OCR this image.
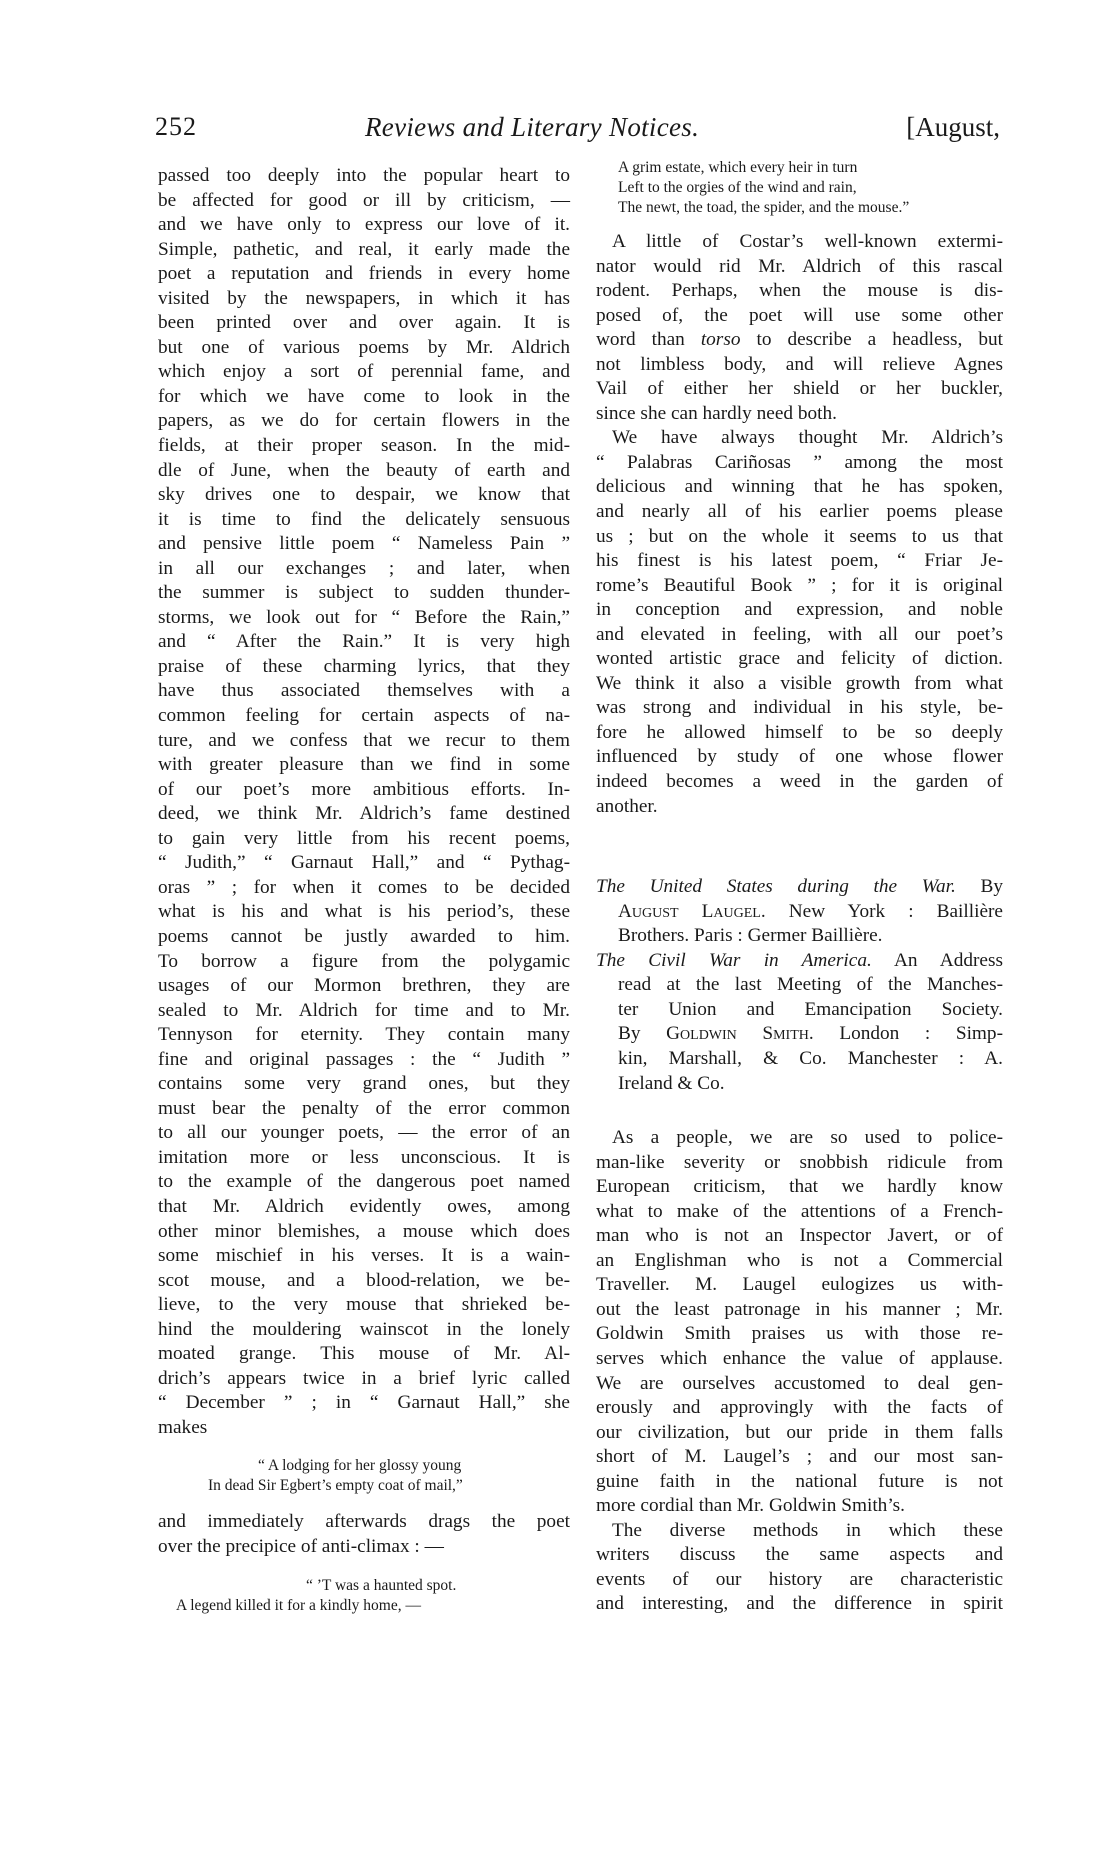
252	Reviews and Literary Notices.	[August,
passed too deeply into the popular heart to
be affected for good or ill by criticism, —
and we have only to express our love of it.
Simple, pathetic, and real, it early made the
poet a reputation and friends in every home
visited by the newspapers, in which it has
been printed over and over again. It is
but one of various poems by Mr. Aldrich
which enjoy a sort of perennial fame, and
for which we have come to look in the
papers, as we do for certain flowers in the
fields, at their proper season. In the mid-
dle of June, when the beauty of earth and
sky drives one to despair, we know that
it is time to find the delicately sensuous
and pensive little poem “ Nameless Pain ”
in all our exchanges ; and later, when
the summer is subject to sudden thunder-
storms, we look out for “ Before the Rain,”
and “ After the Rain.” It is very high
praise of these charming lyrics, that they
have thus associated themselves with a
common feeling for certain aspects of na-
ture, and we confess that we recur to them
with greater pleasure than we find in some
of our poet’s more ambitious efforts. In-
deed, we think Mr. Aldrich’s fame destined
to gain very little from his recent poems,
“ Judith,” “ Garnaut Hall,” and “ Pythag-
oras ” ; for when it comes to be decided
what is his and what is his period’s, these
poems cannot be justly awarded to him.
To borrow a figure from the polygamic
usages of our Mormon brethren, they are
sealed to Mr. Aldrich for time and to Mr.
Tennyson for eternity. They contain many
fine and original passages : the “ Judith ”
contains some very grand ones, but they
must bear the penalty of the error common
to all our younger poets, — the error of an
imitation more or less unconscious. It is
to the example of the dangerous poet named
that Mr. Aldrich evidently owes, among
other minor blemishes, a mouse which does
some mischief in his verses. It is a wain-
scot mouse, and a blood-relation, we be-
lieve, to the very mouse that shrieked be-
hind the mouldering wainscot in the lonely
moated grange. This mouse of Mr. Al-
drich’s appears twice in a brief lyric called
“ December ” ; in “ Garnaut Hall,” she
makes
“ A lodging for her glossy young
In dead Sir Egbert’s empty coat of mail,”
and immediately afterwards drags the poet
over the precipice of anti-climax : —
“ ’T was a haunted spot.
A legend killed it for a kindly home, —
A grim estate, which every heir in turn
Left to the orgies of the wind and rain,
The newt, the toad, the spider, and the mouse.”
A little of Costar’s well-known extermi-
nator would rid Mr. Aldrich of this rascal
rodent. Perhaps, when the mouse is dis-
posed of, the poet will use some other
word than torso to describe a headless, but
not limbless body, and will relieve Agnes
Vail of either her shield or her buckler,
since she can hardly need both.
We have always thought Mr. Aldrich’s
“ Palabras Cariñosas ” among the most
delicious and winning that he has spoken,
and nearly all of his earlier poems please
us ; but on the whole it seems to us that
his finest is his latest poem, “ Friar Je-
rome’s Beautiful Book ” ; for it is original
in conception and expression, and noble
and elevated in feeling, with all our poet’s
wonted artistic grace and felicity of diction.
We think it also a visible growth from what
was strong and individual in his style, be-
fore he allowed himself to be so deeply
influenced by study of one whose flower
indeed becomes a weed in the garden of
another.
The United States during the War. By
August Laugel. New York : Baillière
Brothers. Paris : Germer Baillière.
The Civil War in America. An Address
read at the last Meeting of the Manches-
ter Union and Emancipation Society.
By Goldwin Smith. London : Simp-
kin, Marshall, & Co. Manchester : A.
Ireland & Co.
As a people, we are so used to police-
man-like severity or snobbish ridicule from
European criticism, that we hardly know
what to make of the attentions of a French-
man who is not an Inspector Javert, or of
an Englishman who is not a Commercial
Traveller. M. Laugel eulogizes us with-
out the least patronage in his manner ; Mr.
Goldwin Smith praises us with those re-
serves which enhance the value of applause.
We are ourselves accustomed to deal gen-
erously and approvingly with the facts of
our civilization, but our pride in them falls
short of M. Laugel’s ; and our most san-
guine faith in the national future is not
more cordial than Mr. Goldwin Smith’s.
The diverse methods in which these
writers discuss the same aspects and
events of our history are characteristic
and interesting, and the difference in spirit
